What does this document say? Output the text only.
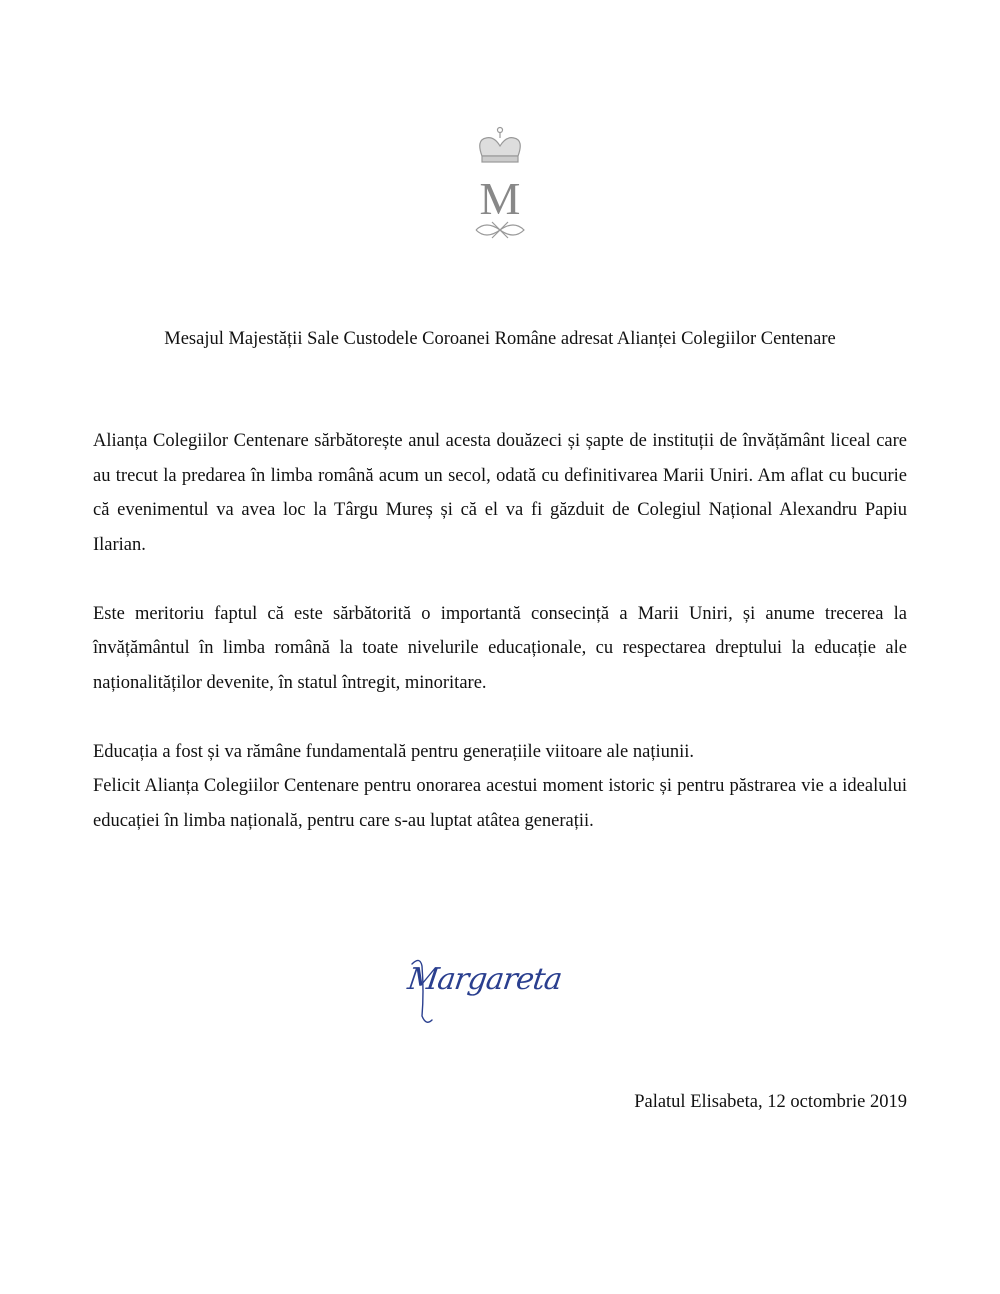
M
Mesajul Majestății Sale Custodele Coroanei Române adresat Alianței Colegiilor Centenare

Alianța Colegiilor Centenare sărbătorește anul acesta douăzeci și șapte de instituții de învățământ liceal care au trecut la predarea în limba română acum un secol, odată cu definitivarea Marii Uniri. Am aflat cu bucurie că evenimentul va avea loc la Târgu Mureș și că el va fi găzduit de Colegiul Național Alexandru Papiu Ilarian.

Este meritoriu faptul că este sărbătorită o importantă consecință a Marii Uniri, și anume trecerea la învățământul în limba română la toate nivelurile educaționale, cu respectarea dreptului la educație ale naționalităților devenite, în statul întregit, minoritare.

Educația a fost și va rămâne fundamentală pentru generațiile viitoare ale națiunii.

Felicit Alianța Colegiilor Centenare pentru onorarea acestui moment istoric și pentru păstrarea vie a idealului educației în limba națională, pentru care s-au luptat atâtea generații.

Margareta
Palatul Elisabeta, 12 octombrie 2019
